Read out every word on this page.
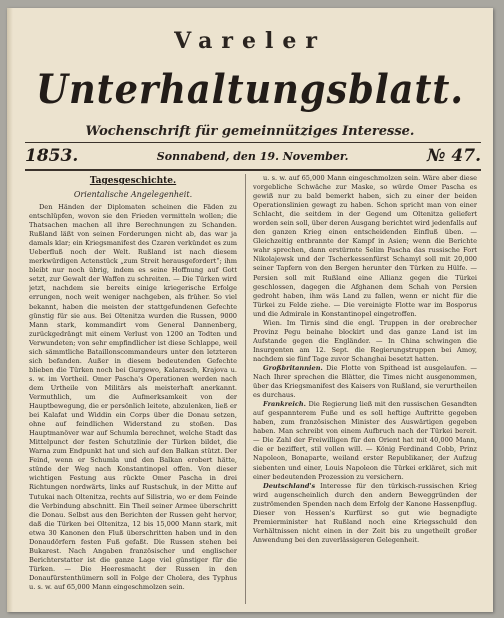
Vareler
Unterhaltungsblatt.
Wochenschrift für gemeinnütziges Interesse.
1853.	Sonnabend, den 19. November.	№ 47.
Tagesgeschichte.
Orientalische Angelegenheit.

Den Händen der Diplomaten scheinen die Fäden zu entschlüpfen, wovon sie den Frieden vermitteln wollen; die Thatsachen machen all ihre Berechnungen zu Schanden. Rußland läßt von seinen Forderungen nicht ab, das war ja damals klar; ein Kriegsmanifest des Czaren verkündet es zum Ueberfluß noch der Welt. Rußland ist nach diesem merkwürdigen Actenstück „zum Streit herausgefordert“; ihm bleibt nur noch übrig, indem es seine Hoffnung auf Gott setzt, zur Gewalt der Waffen zu schreiten. — Die Türken wird jetzt, nachdem sie bereits einige kriegerische Erfolge errungen, noch weit weniger nachgeben, als früher. So viel bekannt, haben die meisten der stattgefundenen Gefechte günstig für sie aus. Bei Oltenitza wurden die Russen, 9000 Mann stark, kommandirt vom General Dannenberg, zurückgedrängt mit einem Verlust von 1200 an Todten und Verwundeten; von sehr empfindlicher ist diese Schlappe, weil sich sämmtliche Bataillonscommandeurs unter den letzteren sich befanden. Außer in diesem bedeutenden Gefechte blieben die Türken noch bei Gurgewo, Kalarasch, Krajova u. s. w. im Vortheil. Omer Pascha's Operationen werden nach dem Urtheile von Militärs als meisterhaft anerkannt. Vermuthlich, um die Aufmerksamkeit von der Hauptbewegung, die er persönlich leitete, abzulenken, ließ er bei Kalafat und Widdin ein Corps über die Donau setzen, ohne auf feindlichen Widerstand zu stoßen. Das Hauptmanöver war auf Schumla berechnet, welche Stadt das Mittelpunct der festen Schutzlinie der Türken bildet, die Warna zum Endpunkt hat und sich auf den Balkan stützt. Der Feind, wenn er Schumla und den Balkan erobert hätte, stünde der Weg nach Konstantinopel offen. Von dieser wichtigen Festung aus rückte Omer Pascha in drei Richtungen nordwärts, links auf Rustschuk, in der Mitte auf Tutukai nach Oltenitza, rechts auf Silistria, wo er dem Feinde die Verbindung abschnitt. Ein Theil seiner Armee überschritt die Donau. Selbst aus den Berichten der Russen geht hervor, daß die Türken bei Oltenitza, 12 bis 15,000 Mann stark, mit etwa 30 Kanonen den Fluß überschritten haben und in den Donaudörfern festen Fuß gefaßt. Die Russen stehen bei Bukarest. Nach Angaben französischer und englischer Berichterstatter ist die ganze Lage viel günstiger für die Türken. — Die Heeresmacht der Russen in den Donaufürstenthümern soll in Folge der Cholera, des Typhus u. s. w. auf 65,000 Mann eingeschmolzen sein.

u. s. w. auf 65,000 Mann eingeschmolzen sein. Wäre aber diese vorgebliche Schwäche zur Maske, so würde Omer Pascha es gewiß nur zu bald bemerkt haben, sich zu einer der beiden Operationslinien gewagt zu haben. Schon spricht man von einer Schlacht, die seitdem in der Gegend um Oltenitza geliefert worden sein soll, über deren Ausgang berichtet wird jedenfalls auf den ganzen Krieg einen entscheidenden Einfluß üben. — Gleichzeitig entbrannte der Kampf in Asien; wenn die Berichte wahr sprechen, dann erstürmte Selim Pascha das russische Fort Nikolajewsk und der Tscherkessenfürst Schamyl soll mit 20,000 seiner Tapfern von den Bergen herunter den Türken zu Hülfe. — Persien soll mit Rußland eine Allianz gegen die Türkei geschlossen, dagegen die Afghanen dem Schah von Persien gedroht haben, ihm wäs Land zu fallen, wenn er nicht für die Türkei zu Felde ziehe. — Die vereinigte Flotte war im Bosporus und die Admirale in Konstantinopel eingetroffen.

Wien. Im Tirnis sind die engl. Truppen in der orebrecher Provinz Pegu beinahe blockirt und das ganze Land ist im Aufstande gegen die Engländer. — In China schwingen die Insurgenten am 12. Sept. die Regierungstruppen bei Amoy, nachdem sie fünf Tage zuvor Schanghai besetzt hatten.

Großbritannien. Die Flotte von Spithead ist ausgelaufen. — Nach Ihrer sprechen die Blätter, die Times nicht ausgenommen, über das Kriegsmanifest des Kaisers von Rußland, sie verurtheilen es durchaus.

Frankreich. Die Regierung ließ mit den russischen Gesandten auf gespannterem Fuße und es soll heftige Auftritte gegeben haben, zum französischen Minister des Auswärtigen gegeben haben. Man schreibt von einem Aufbruch nach der Türkei bereit. — Die Zahl der Freiwilligen für den Orient hat mit 40,000 Mann, die er beziffert, stil vollen will. — König Ferdinand Cobb, Prinz Napoleon, Bonaparte, weiland erster Republikaner, der Aufzug siebenten und einer, Louis Napoleon die Türkei erkläret, sich mit einer bedeutenden Prozession zu versichern.

Deutschland's Interesse für den türkisch-russischen Krieg wird augenscheinlich durch den andern Beweggründen der zuströmenden Spenden nach dem Erfolg der Kanone Hassenpflug. Dieser von Hessen's Kurfürst so gut wie begnadigte Premierminister hat Rußland noch eine Kriegsschuld den Verhältnissen nicht einen in der Zeit bis zu ungetheilt großer Anwendung bei den zuverlässigeren Gelegenheit.
